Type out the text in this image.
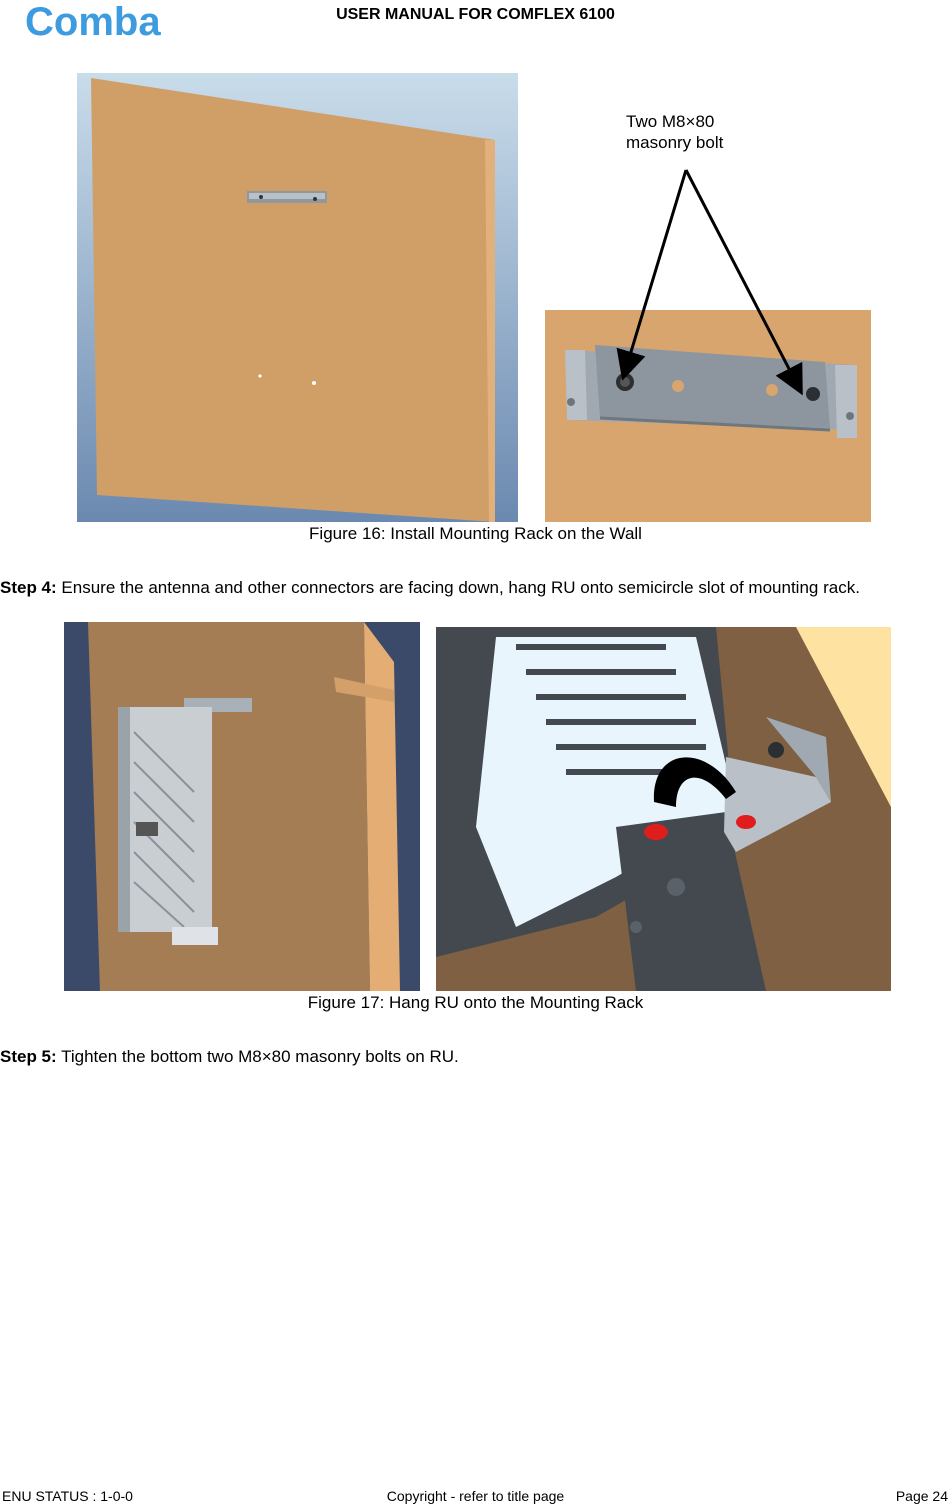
Comba	USER MANUAL FOR COMFLEX 6100
Two M8×80
masonry bolt
Figure 16: Install Mounting Rack on the Wall
Step 4: Ensure the antenna and other connectors are facing down, hang RU onto semicircle slot of mounting rack.
Figure 17: Hang RU onto the Mounting Rack
Step 5: Tighten the bottom two M8×80 masonry bolts on RU.
ENU STATUS : 1-0-0	Copyright - refer to title page	Page 24
